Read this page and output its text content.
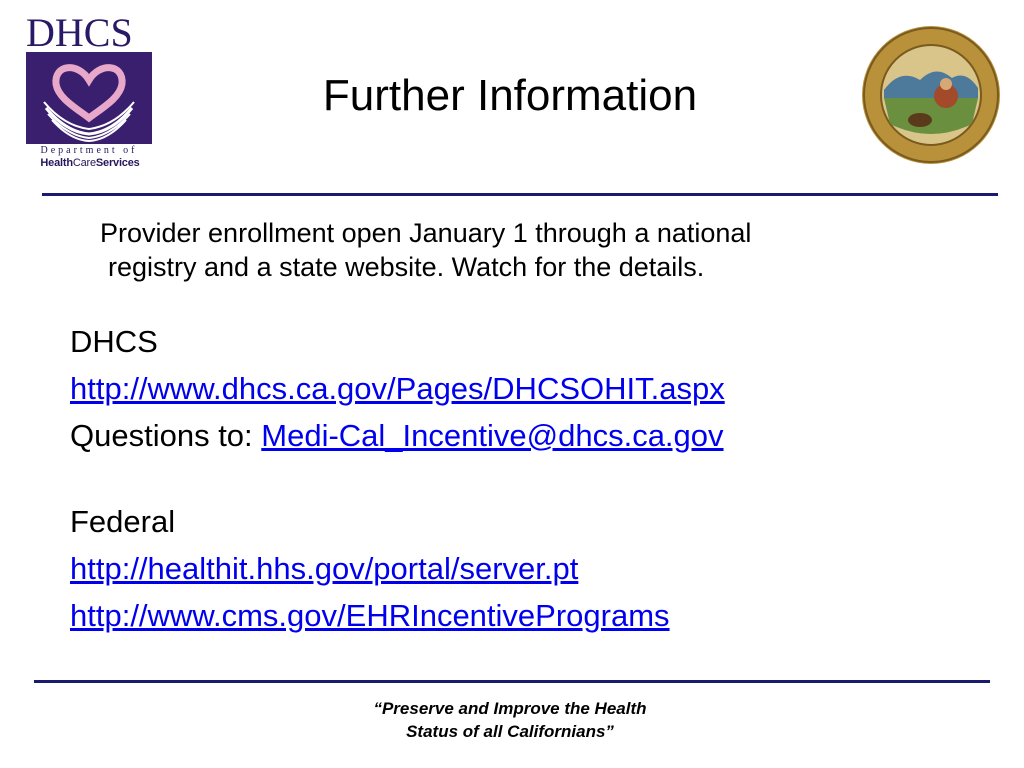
DHCS
Department of
HealthCareServices
Further Information

Provider enrollment open January 1 through a national
registry and a state website. Watch for the details.

DHCS
http://www.dhcs.ca.gov/Pages/DHCSOHIT.aspx
Questions to: Medi-Cal_Incentive@dhcs.ca.gov
Federal
http://healthit.hhs.gov/portal/server.pt
http://www.cms.gov/EHRIncentivePrograms

“Preserve and Improve the Health
Status of all Californians”
